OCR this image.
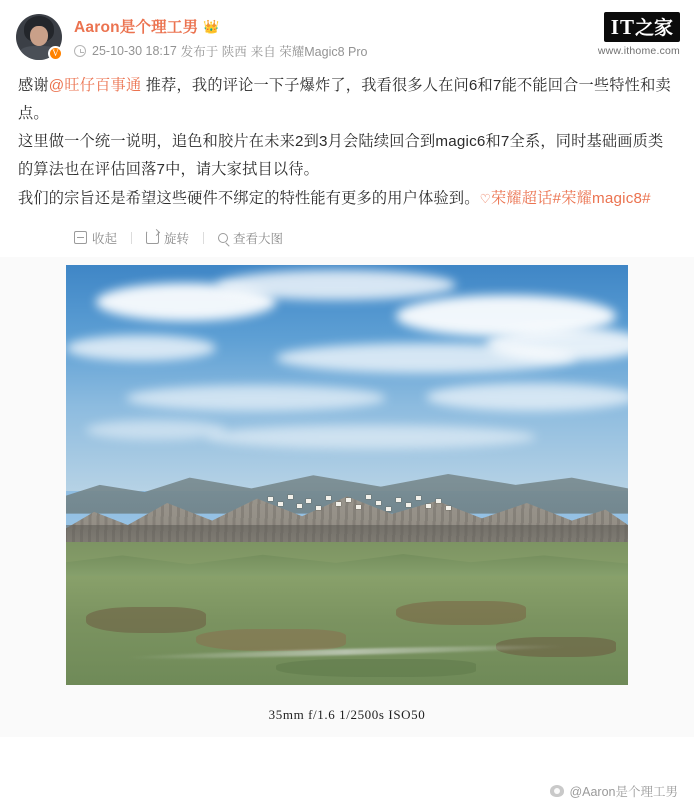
V
Aaron是个理工男 👑
25-10-30 18:17 发布于 陕西 来自 荣耀Magic8 Pro
IT之家
www.ithome.com

感谢@旺仔百事通 推荐，我的评论一下子爆炸了，我看很多人在问6和7能不能回合一些特性和卖点。

这里做一个统一说明，追色和胶片在未来2到3月会陆续回合到magic6和7全系，同时基础画质类的算法也在评估回落7中，请大家拭目以待。

我们的宗旨还是希望这些硬件不绑定的特性能有更多的用户体验到。♡荣耀超话#荣耀magic8#

收起	旋转	查看大图
35mm f/1.6 1/2500s ISO50
@Aaron是个理工男
